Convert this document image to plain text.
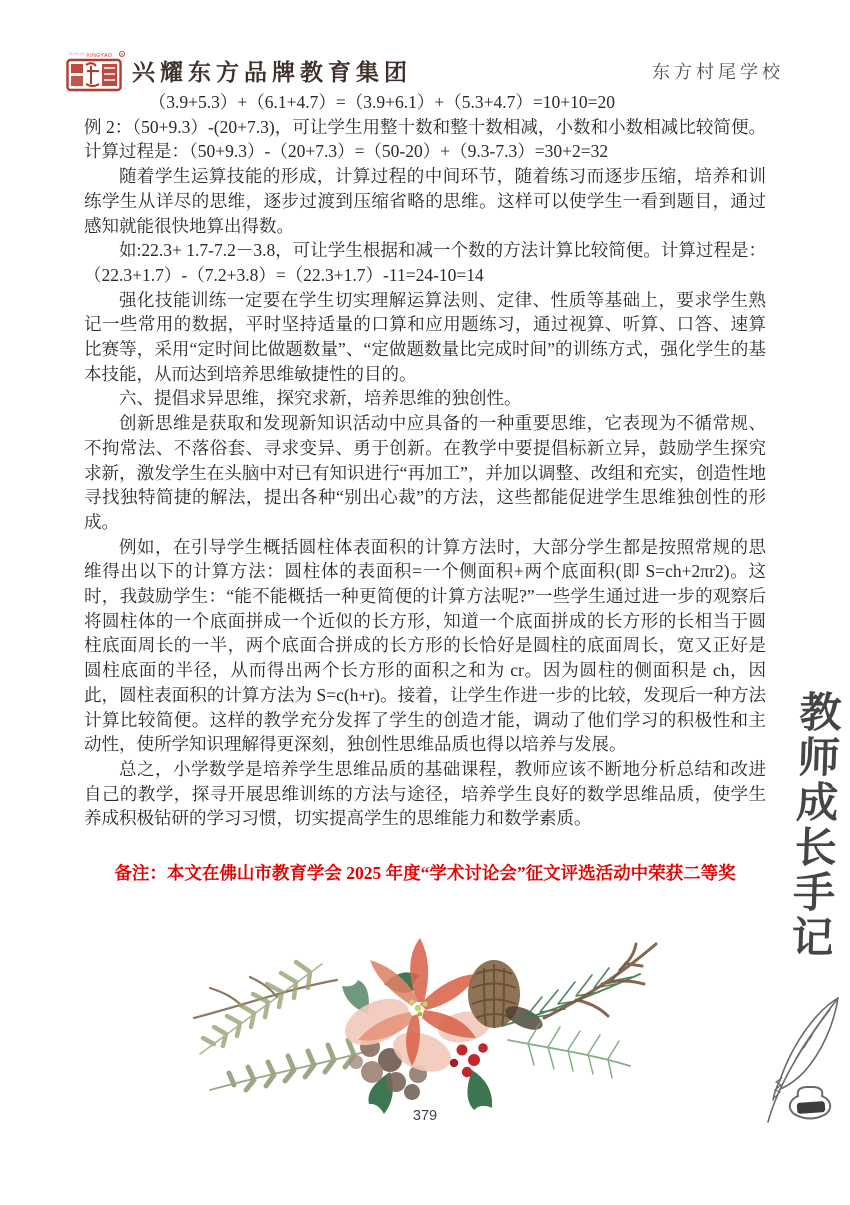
⺍⺍⺍ XINGYAO R
兴耀东方品牌教育集团	东方村尾学校

（3.9+5.3）+（6.1+4.7）=（3.9+6.1）+（5.3+4.7）=10+10=20

例 2：（50+9.3）-(20+7.3)，可让学生用整十数和整十数相减，小数和小数相减比较简便。计算过程是：（50+9.3）-（20+7.3）=（50-20）+（9.3-7.3）=30+2=32

随着学生运算技能的形成，计算过程的中间环节，随着练习而逐步压缩，培养和训练学生从详尽的思维，逐步过渡到压缩省略的思维。这样可以使学生一看到题目，通过感知就能很快地算出得数。

如:22.3+ 1.7-7.2－3.8，可让学生根据和减一个数的方法计算比较简便。计算过程是：（22.3+1.7）-（7.2+3.8）=（22.3+1.7）-11=24-10=14

强化技能训练一定要在学生切实理解运算法则、定律、性质等基础上，要求学生熟记一些常用的数据，平时坚持适量的口算和应用题练习，通过视算、听算、口答、速算比赛等，采用“定时间比做题数量”、“定做题数量比完成时间”的训练方式，强化学生的基本技能，从而达到培养思维敏捷性的目的。

六、提倡求异思维，探究求新，培养思维的独创性。

创新思维是获取和发现新知识活动中应具备的一种重要思维，它表现为不循常规、不拘常法、不落俗套、寻求变异、勇于创新。在教学中要提倡标新立异，鼓励学生探究求新，激发学生在头脑中对已有知识进行“再加工”，并加以调整、改组和充实，创造性地寻找独特简捷的解法，提出各种“别出心裁”的方法，这些都能促进学生思维独创性的形成。

例如，在引导学生概括圆柱体表面积的计算方法时，大部分学生都是按照常规的思维得出以下的计算方法：圆柱体的表面积=一个侧面积+两个底面积(即 S=ch+2πr2)。这时，我鼓励学生：“能不能概括一种更简便的计算方法呢?”一些学生通过进一步的观察后将圆柱体的一个底面拼成一个近似的长方形，知道一个底面拼成的长方形的长相当于圆柱底面周长的一半，两个底面合拼成的长方形的长恰好是圆柱的底面周长，宽又正好是圆柱底面的半径，从而得出两个长方形的面积之和为 cr。因为圆柱的侧面积是 ch，因此，圆柱表面积的计算方法为 S=c(h+r)。接着，让学生作进一步的比较，发现后一种方法计算比较简便。这样的教学充分发挥了学生的创造才能，调动了他们学习的积极性和主动性，使所学知识理解得更深刻，独创性思维品质也得以培养与发展。

总之，小学数学是培养学生思维品质的基础课程，教师应该不断地分析总结和改进自己的教学，探寻开展思维训练的方法与途径，培养学生良好的数学思维品质，使学生养成积极钻研的学习习惯，切实提高学生的思维能力和数学素质。

备注：本文在佛山市教育学会 2025 年度“学术讨论会”征文评选活动中荣获二等奖	教师成长手记
379
